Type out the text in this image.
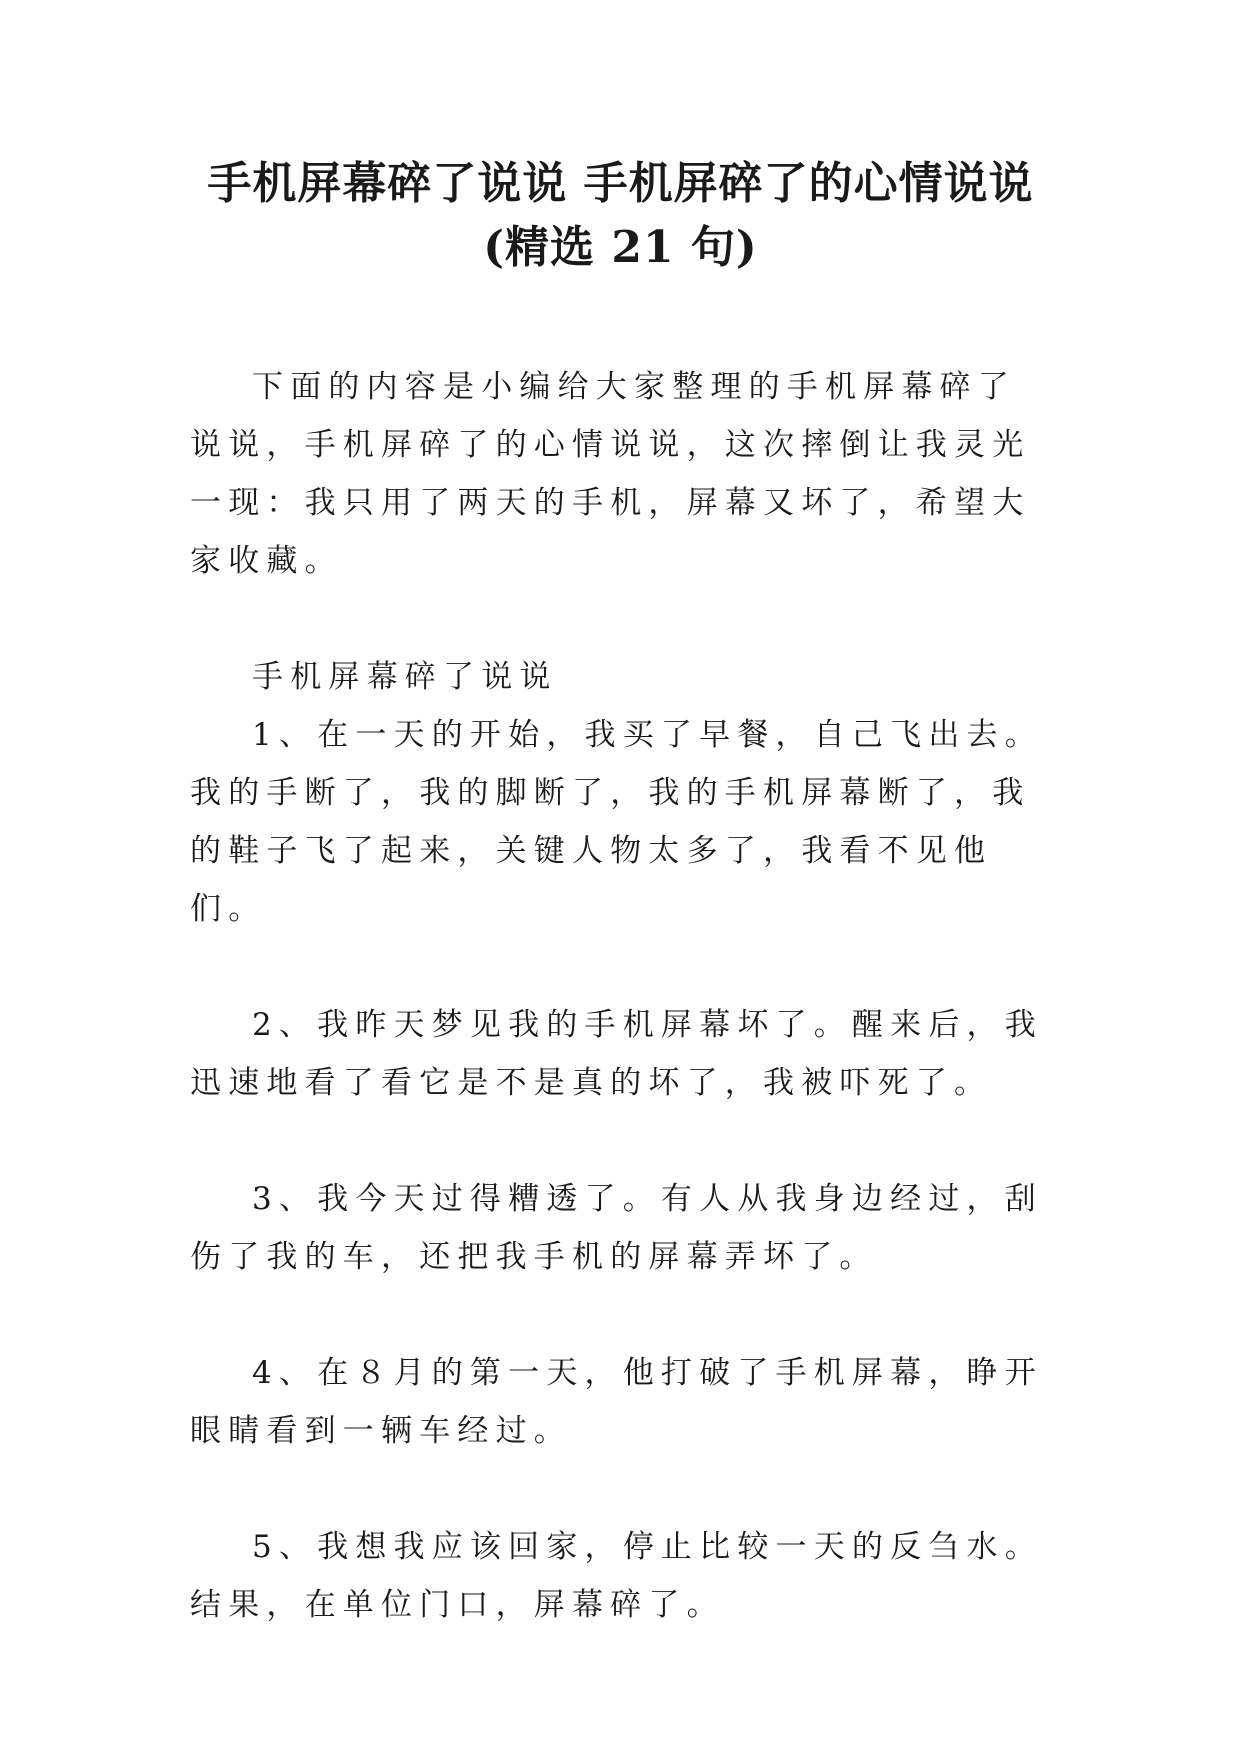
手机屏幕碎了说说 手机屏碎了的心情说说
(精选 21 句)

下面的内容是小编给大家整理的手机屏幕碎了说说，手机屏碎了的心情说说，这次摔倒让我灵光一现：我只用了两天的手机，屏幕又坏了，希望大家收藏。

手机屏幕碎了说说

1、在一天的开始，我买了早餐，自己飞出去。我的手断了，我的脚断了，我的手机屏幕断了，我的鞋子飞了起来，关键人物太多了，我看不见他们。

2、我昨天梦见我的手机屏幕坏了。醒来后，我迅速地看了看它是不是真的坏了，我被吓死了。

3、我今天过得糟透了。有人从我身边经过，刮伤了我的车，还把我手机的屏幕弄坏了。

4、在８月的第一天，他打破了手机屏幕，睁开眼睛看到一辆车经过。

5、我想我应该回家，停止比较一天的反刍水。结果，在单位门口，屏幕碎了。
